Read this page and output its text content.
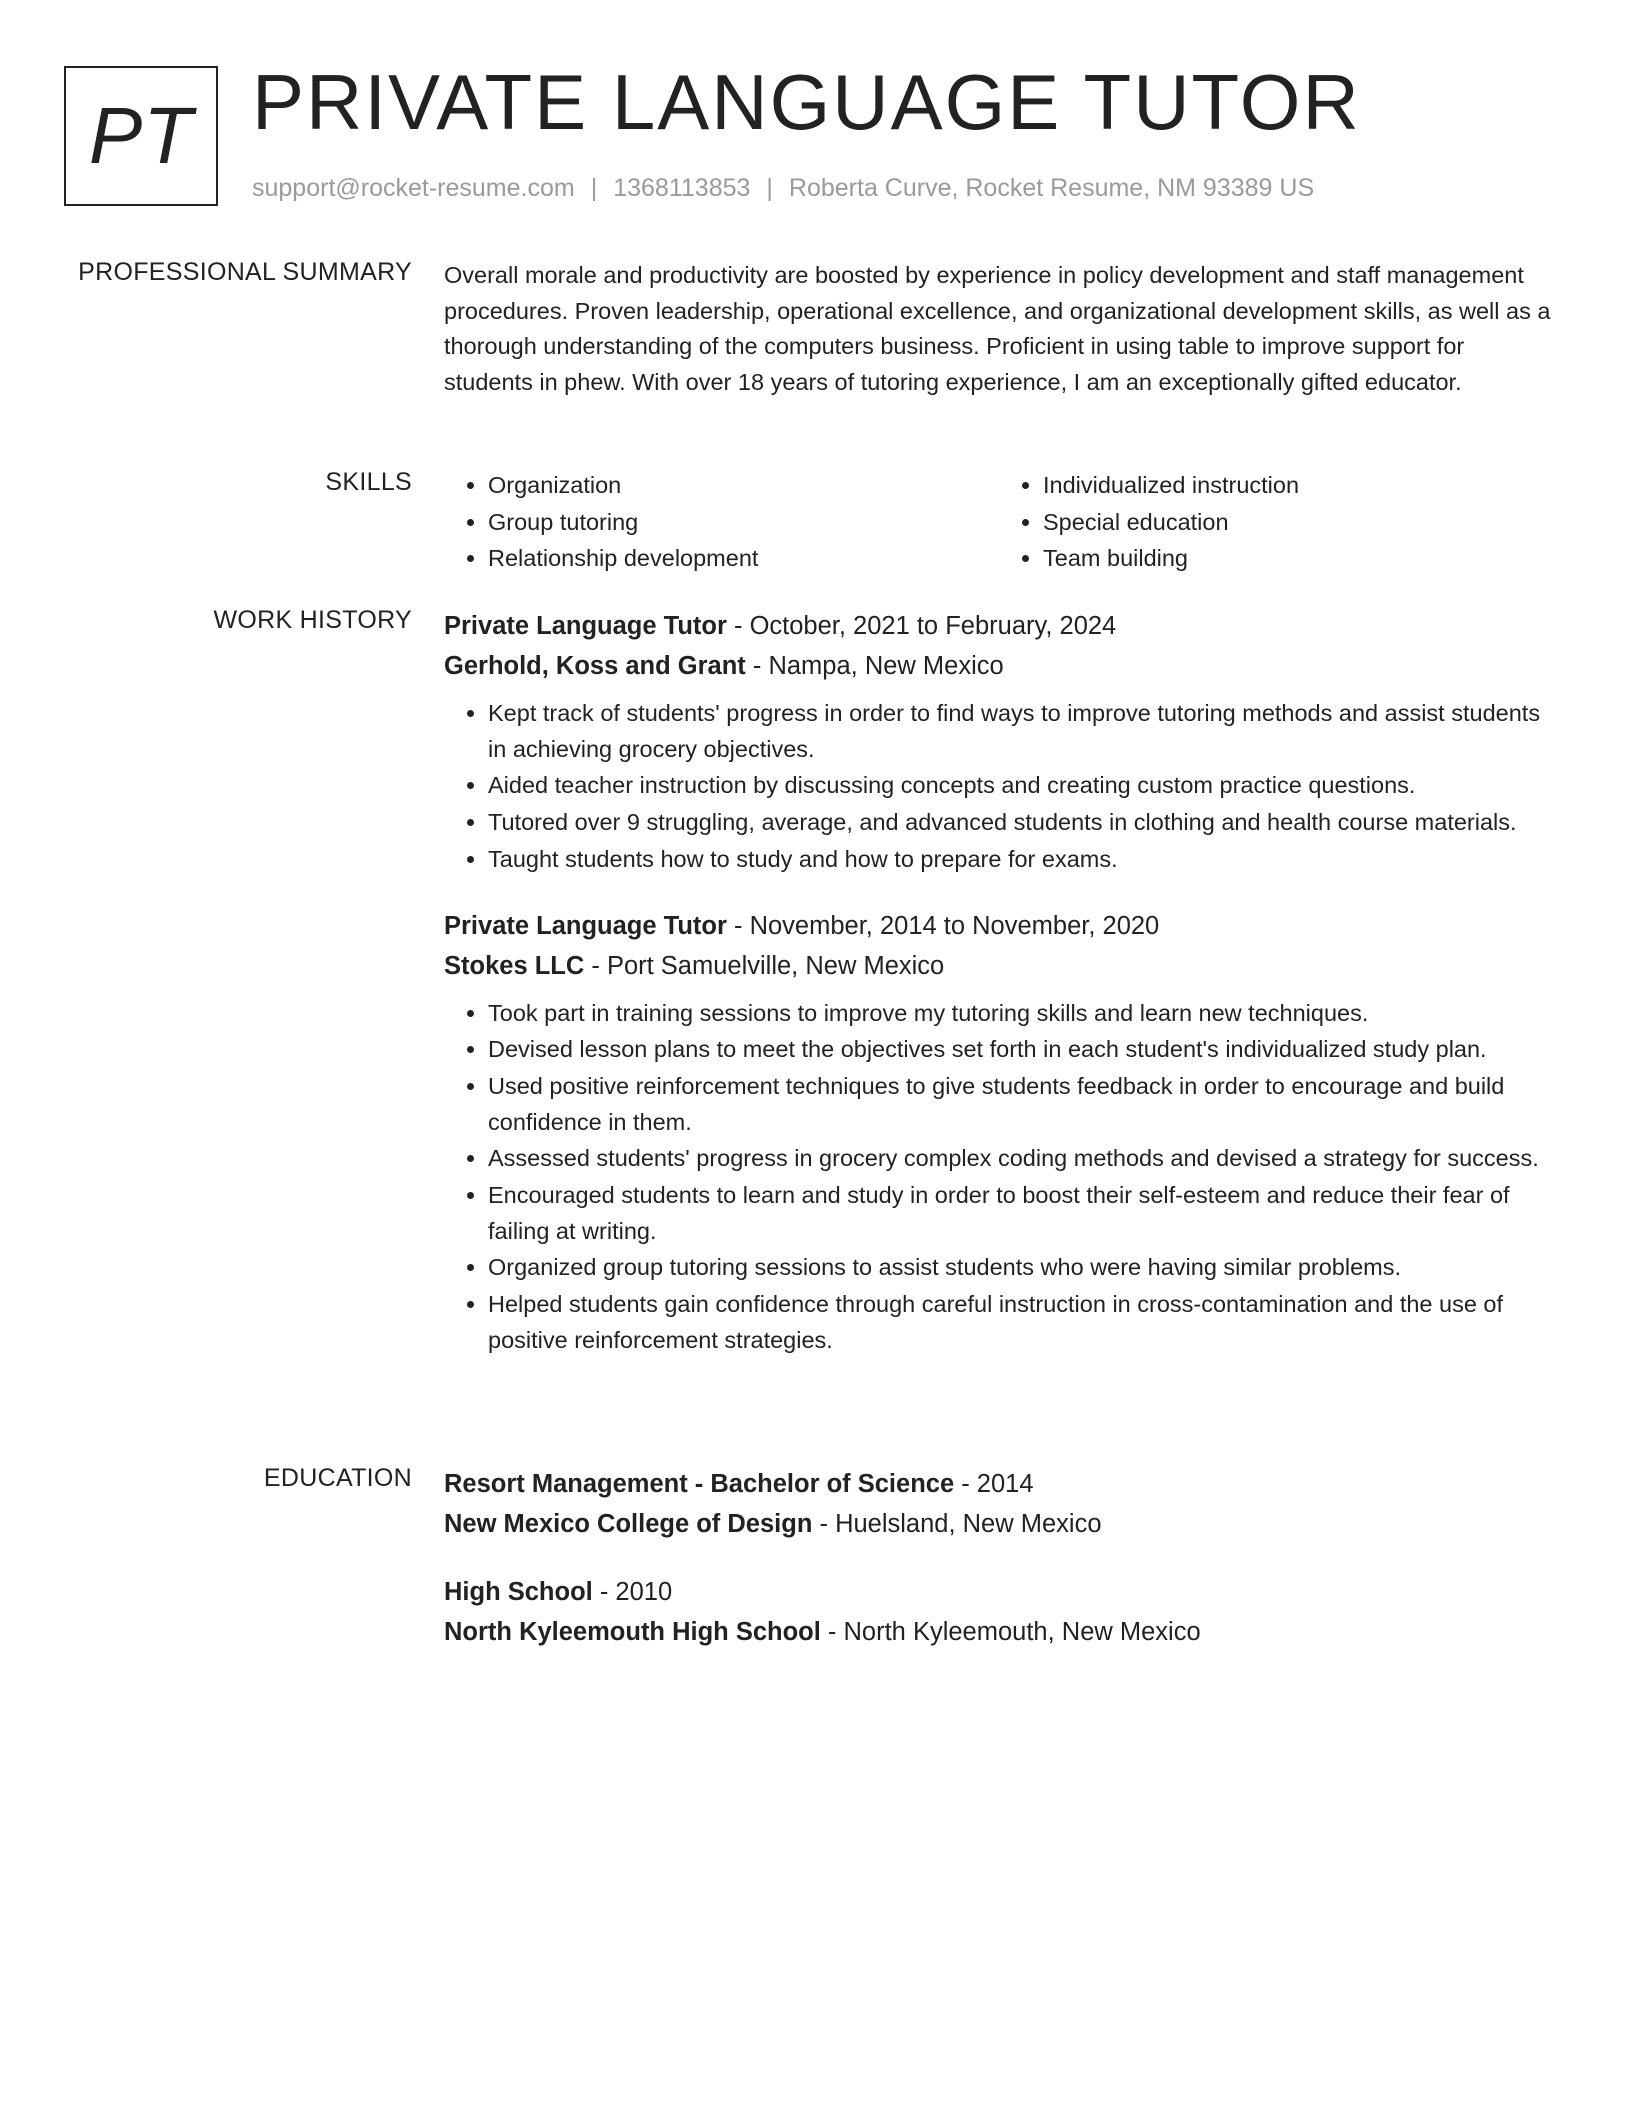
PT PRIVATE LANGUAGE TUTOR
support@rocket-resume.com | 1368113853 | Roberta Curve, Rocket Resume, NM 93389 US
PROFESSIONAL SUMMARY Overall morale and productivity are boosted by experience in policy development and staff management procedures. Proven leadership, operational excellence, and organizational development skills, as well as a thorough understanding of the computers business. Proficient in using table to improve support for students in phew. With over 18 years of tutoring experience, I am an exceptionally gifted educator.

SKILLS
•	Organization
• Group tutoring
• Relationship development
• Individualized instruction
• Special education
• Team building
WORK HISTORY Private Language Tutor - October, 2021 to February, 2024
Gerhold, Koss and Grant - Nampa, New Mexico
• Kept track of students' progress in order to find ways to improve tutoring methods and assist students in achieving grocery objectives.
• Aided teacher instruction by discussing concepts and creating custom practice questions.
• Tutored over 9 struggling, average, and advanced students in clothing and health course materials.
• Taught students how to study and how to prepare for exams.
Private Language Tutor - November, 2014 to November, 2020
Stokes LLC - Port Samuelville, New Mexico
• Took part in training sessions to improve my tutoring skills and learn new techniques.
• Devised lesson plans to meet the objectives set forth in each student's individualized study plan.
• Used positive reinforcement techniques to give students feedback in order to encourage and build confidence in them.
• Assessed students' progress in grocery complex coding methods and devised a strategy for success.
• Encouraged students to learn and study in order to boost their self-esteem and reduce their fear of failing at writing.
• Organized group tutoring sessions to assist students who were having similar problems.
• Helped students gain confidence through careful instruction in cross-contamination and the use of positive reinforcement strategies.
EDUCATION Resort Management - Bachelor of Science - 2014
New Mexico College of Design - Huelsland, New Mexico
High School - 2010
North Kyleemouth High School - North Kyleemouth, New Mexico
